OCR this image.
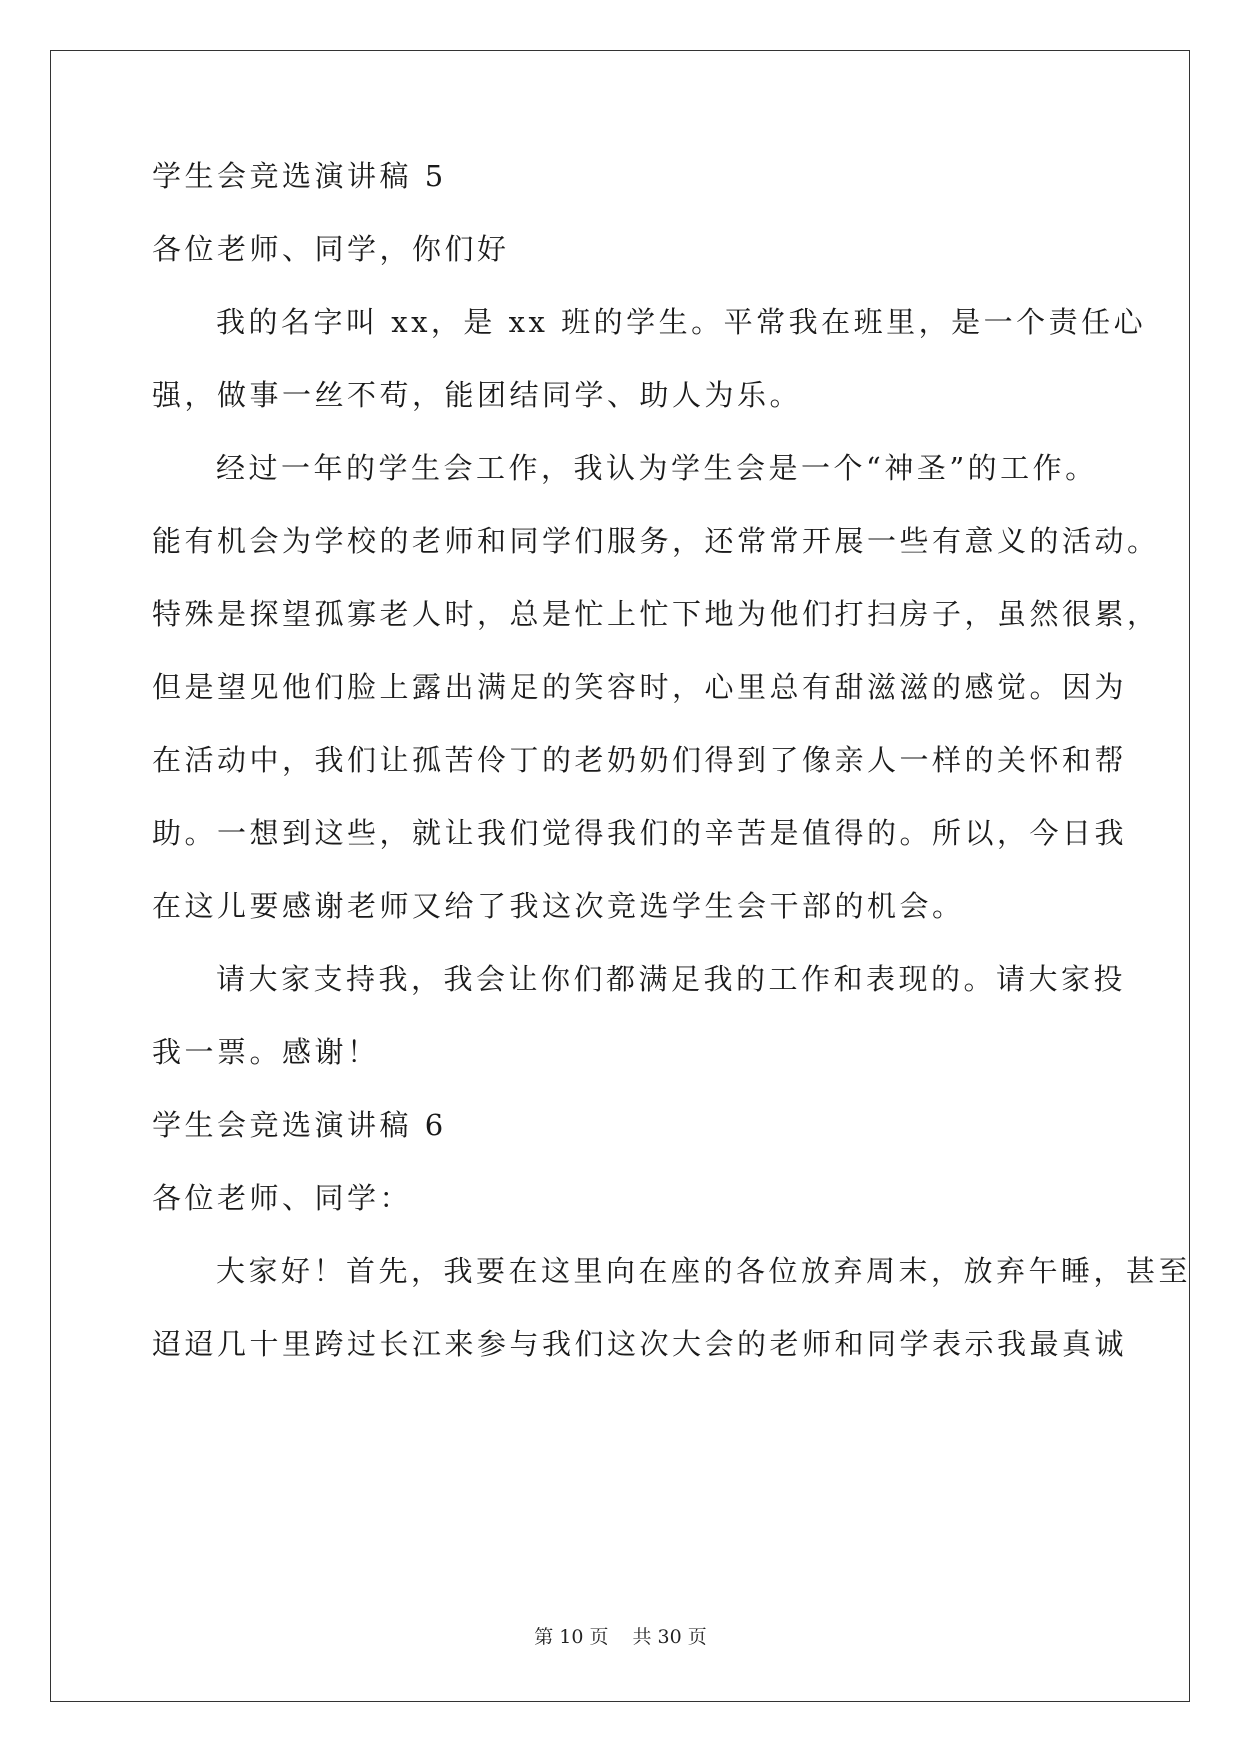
学生会竞选演讲稿 5
各位老师、同学，你们好
我的名字叫 xx，是 xx 班的学生。平常我在班里，是一个责任心
强，做事一丝不苟，能团结同学、助人为乐。
经过一年的学生会工作，我认为学生会是一个“神圣”的工作。
能有机会为学校的老师和同学们服务，还常常开展一些有意义的活动。
特殊是探望孤寡老人时，总是忙上忙下地为他们打扫房子，虽然很累，
但是望见他们脸上露出满足的笑容时，心里总有甜滋滋的感觉。因为
在活动中，我们让孤苦伶丁的老奶奶们得到了像亲人一样的关怀和帮
助。一想到这些，就让我们觉得我们的辛苦是值得的。所以，今日我
在这儿要感谢老师又给了我这次竞选学生会干部的机会。
请大家支持我，我会让你们都满足我的工作和表现的。请大家投
我一票。感谢！
学生会竞选演讲稿 6
各位老师、同学：
大家好！首先，我要在这里向在座的各位放弃周末，放弃午睡，甚至
迢迢几十里跨过长江来参与我们这次大会的老师和同学表示我最真诚
第 10 页 共 30 页
